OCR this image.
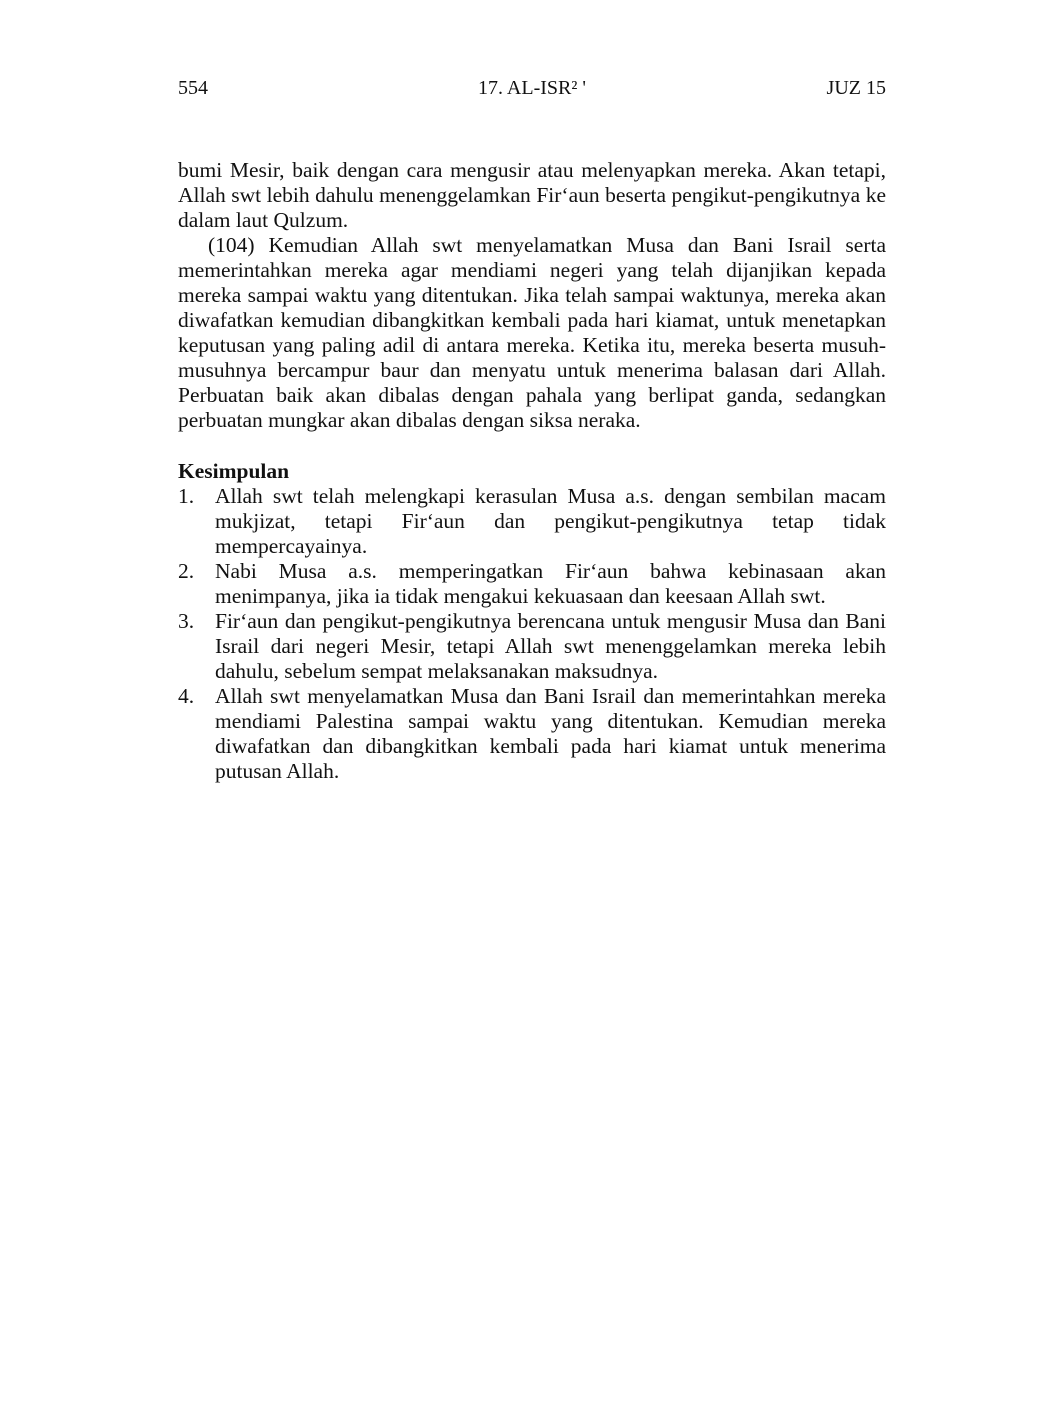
554	17. AL-ISR² '	JUZ 15

bumi Mesir, baik dengan cara mengusir atau melenyapkan mereka. Akan tetapi, Allah swt lebih dahulu menenggelamkan Fir‘aun beserta pengikut-pengikutnya ke dalam laut Qulzum.

(104) Kemudian Allah swt menyelamatkan Musa dan Bani Israil serta memerintahkan mereka agar mendiami negeri yang telah dijanjikan kepada mereka sampai waktu yang ditentukan. Jika telah sampai waktunya, mereka akan diwafatkan kemudian dibangkitkan kembali pada hari kiamat, untuk menetapkan keputusan yang paling adil di antara mereka. Ketika itu, mereka beserta musuh-musuhnya bercampur baur dan menyatu untuk menerima balasan dari Allah. Perbuatan baik akan dibalas dengan pahala yang berlipat ganda, sedangkan perbuatan mungkar akan dibalas dengan siksa neraka.

Kesimpulan
1. Allah swt telah melengkapi kerasulan Musa a.s. dengan sembilan macam mukjizat, tetapi Fir‘aun dan pengikut-pengikutnya tetap tidak mempercayainya.
2. Nabi Musa a.s. memperingatkan Fir‘aun bahwa kebinasaan akan menimpanya, jika ia tidak mengakui kekuasaan dan keesaan Allah swt.
3. Fir‘aun dan pengikut-pengikutnya berencana untuk mengusir Musa dan Bani Israil dari negeri Mesir, tetapi Allah swt menenggelamkan mereka lebih dahulu, sebelum sempat melaksanakan maksudnya.
4. Allah swt menyelamatkan Musa dan Bani Israil dan memerintahkan mereka mendiami Palestina sampai waktu yang ditentukan. Kemudian mereka diwafatkan dan dibangkitkan kembali pada hari kiamat untuk menerima putusan Allah.
